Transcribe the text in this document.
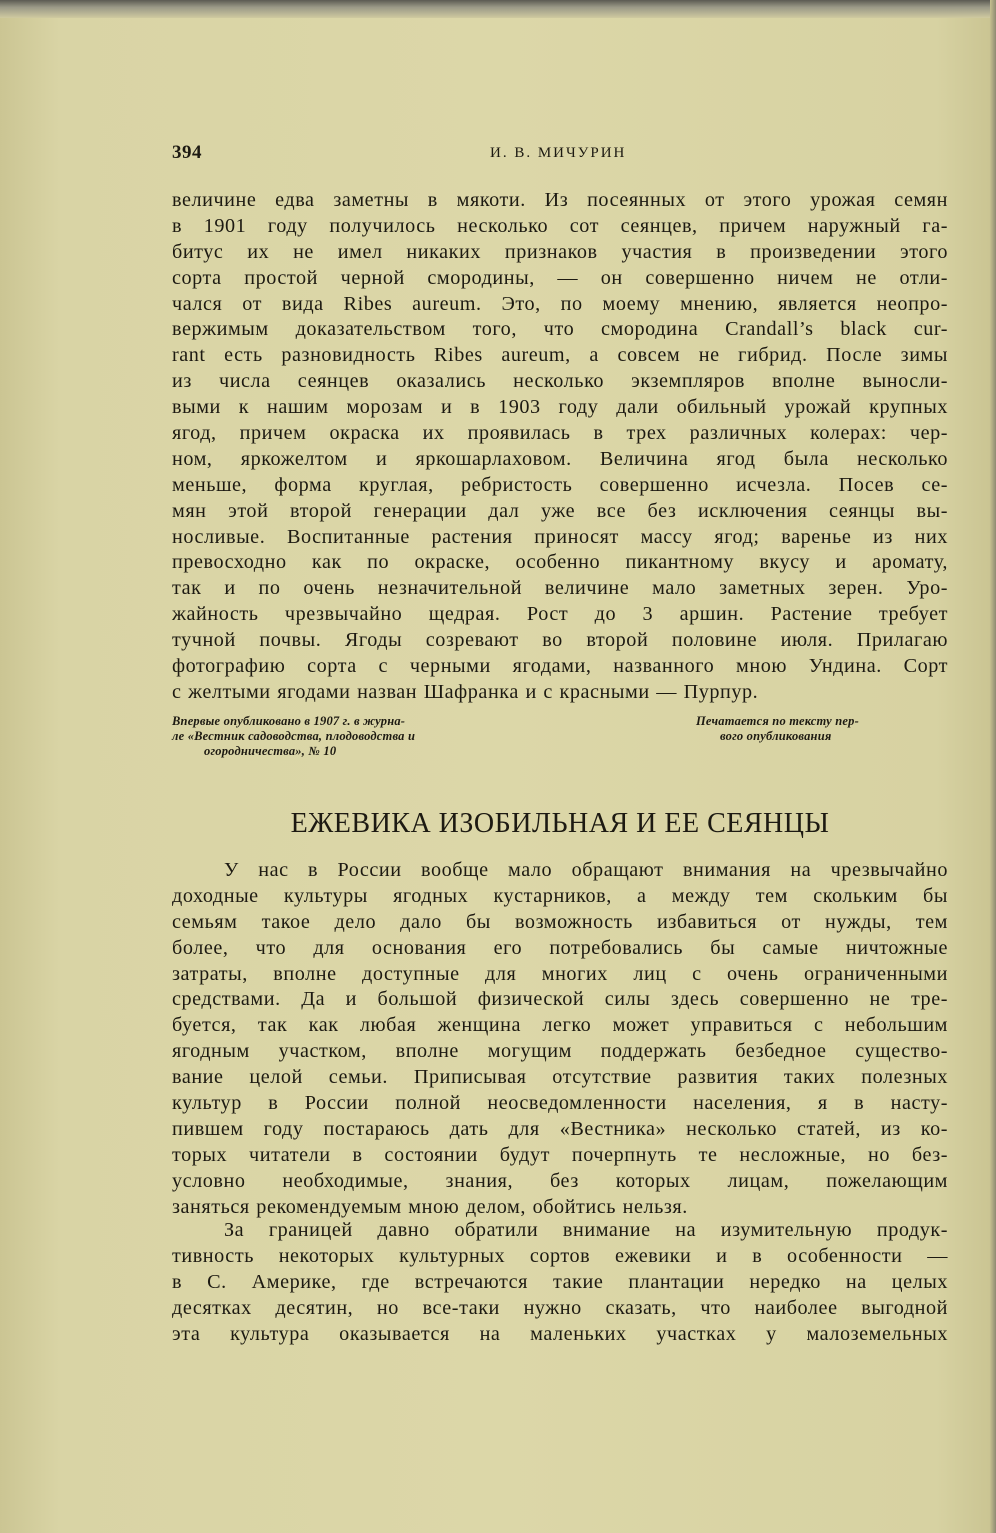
394	И. В. МИЧУРИН
величине едва заметны в мякоти. Из посеянных от этого урожая семян
в 1901 году получилось несколько сот сеянцев, причем наружный га-
битус их не имел никаких признаков участия в произведении этого
сорта простой черной смородины, — он совершенно ничем не отли-
чался от вида Ribes aureum. Это, по моему мнению, является неопро-
вержимым доказательством того, что смородина Crandall’s black cur-
rant есть разновидность Ribes aureum, а совсем не гибрид. После зимы
из числа сеянцев оказались несколько экземпляров вполне выносли-
выми к нашим морозам и в 1903 году дали обильный урожай крупных
ягод, причем окраска их проявилась в трех различных колерах: чер-
ном, яркожелтом и яркошарлаховом. Величина ягод была несколько
меньше, форма круглая, ребристость совершенно исчезла. Посев се-
мян этой второй генерации дал уже все без исключения сеянцы вы-
носливые. Воспитанные растения приносят массу ягод; варенье из них
превосходно как по окраске, особенно пикантному вкусу и аромату,
так и по очень незначительной величине мало заметных зерен. Уро-
жайность чрезвычайно щедрая. Рост до 3 аршин. Растение требует
тучной почвы. Ягоды созревают во второй половине июля. Прилагаю
фотографию сорта с черными ягодами, названного мною Ундина. Сорт
с желтыми ягодами назван Шафранка и с красными — Пурпур.
Впервые опубликовано в 1907 г. в журна-
ле «Вестник садоводства, плодоводства и
огородничества», № 10
Печатается по тексту пер-
вого опубликования
ЕЖЕВИКА ИЗОБИЛЬНАЯ И ЕЕ СЕЯНЦЫ
У нас в России вообще мало обращают внимания на чрезвычайно
доходные культуры ягодных кустарников, а между тем скольким бы
семьям такое дело дало бы возможность избавиться от нужды, тем
более, что для основания его потребовались бы самые ничтожные
затраты, вполне доступные для многих лиц с очень ограниченными
средствами. Да и большой физической силы здесь совершенно не тре-
буется, так как любая женщина легко может управиться с небольшим
ягодным участком, вполне могущим поддержать безбедное существо-
вание целой семьи. Приписывая отсутствие развития таких полезных
культур в России полной неосведомленности населения, я в насту-
пившем году постараюсь дать для «Вестника» несколько статей, из ко-
торых читатели в состоянии будут почерпнуть те несложные, но без-
условно необходимые, знания, без которых лицам, пожелающим
заняться рекомендуемым мною делом, обойтись нельзя.
За границей давно обратили внимание на изумительную продук-
тивность некоторых культурных сортов ежевики и в особенности —
в С. Америке, где встречаются такие плантации нередко на целых
десятках десятин, но все-таки нужно сказать, что наиболее выгодной
эта культура оказывается на маленьких участках у малоземельных
